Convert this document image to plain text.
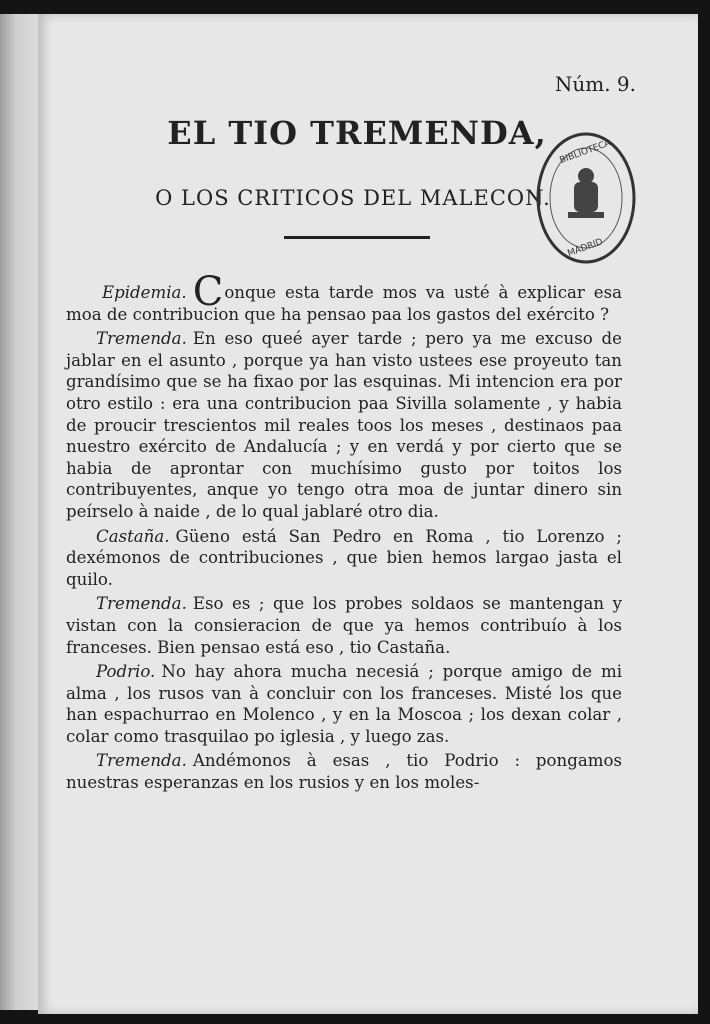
Núm. 9.
EL TIO TREMENDA,
O LOS CRITICOS DEL MALECON.
BIBLIOTECA
MADRID

Epidemia. Conque esta tarde mos va usté à explicar esa moa de contribucion que ha pensao paa los gastos del exército ?

Tremenda. En eso queé ayer tarde ; pero ya me excuso de jablar en el asunto , porque ya han visto ustees ese proyeuto tan grandísimo que se ha fixao por las esquinas. Mi intencion era por otro estilo : era una contribucion paa Sivilla solamente , y habia de proucir trescientos mil reales toos los meses , destinaos paa nuestro exército de Andalucía ; y en verdá y por cierto que se habia de aprontar con muchísimo gusto por toitos los contribuyentes, anque yo tengo otra moa de juntar dinero sin peírselo à naide , de lo qual jablaré otro dia.

Castaña. Güeno está San Pedro en Roma , tio Lorenzo ; dexémonos de contribuciones , que bien hemos largao jasta el quilo.

Tremenda. Eso es ; que los probes soldaos se mantengan y vistan con la consieracion de que ya hemos contribuío à los franceses. Bien pensao está eso , tio Castaña.

Podrio. No hay ahora mucha necesiá ; porque amigo de mi alma , los rusos van à concluir con los franceses. Misté los que han espachurrao en Molenco , y en la Moscoa ; los dexan colar , colar como trasquilao po iglesia , y luego zas.

Tremenda. Andémonos à esas , tio Podrio : pongamos nuestras esperanzas en los rusios y en los moles-
